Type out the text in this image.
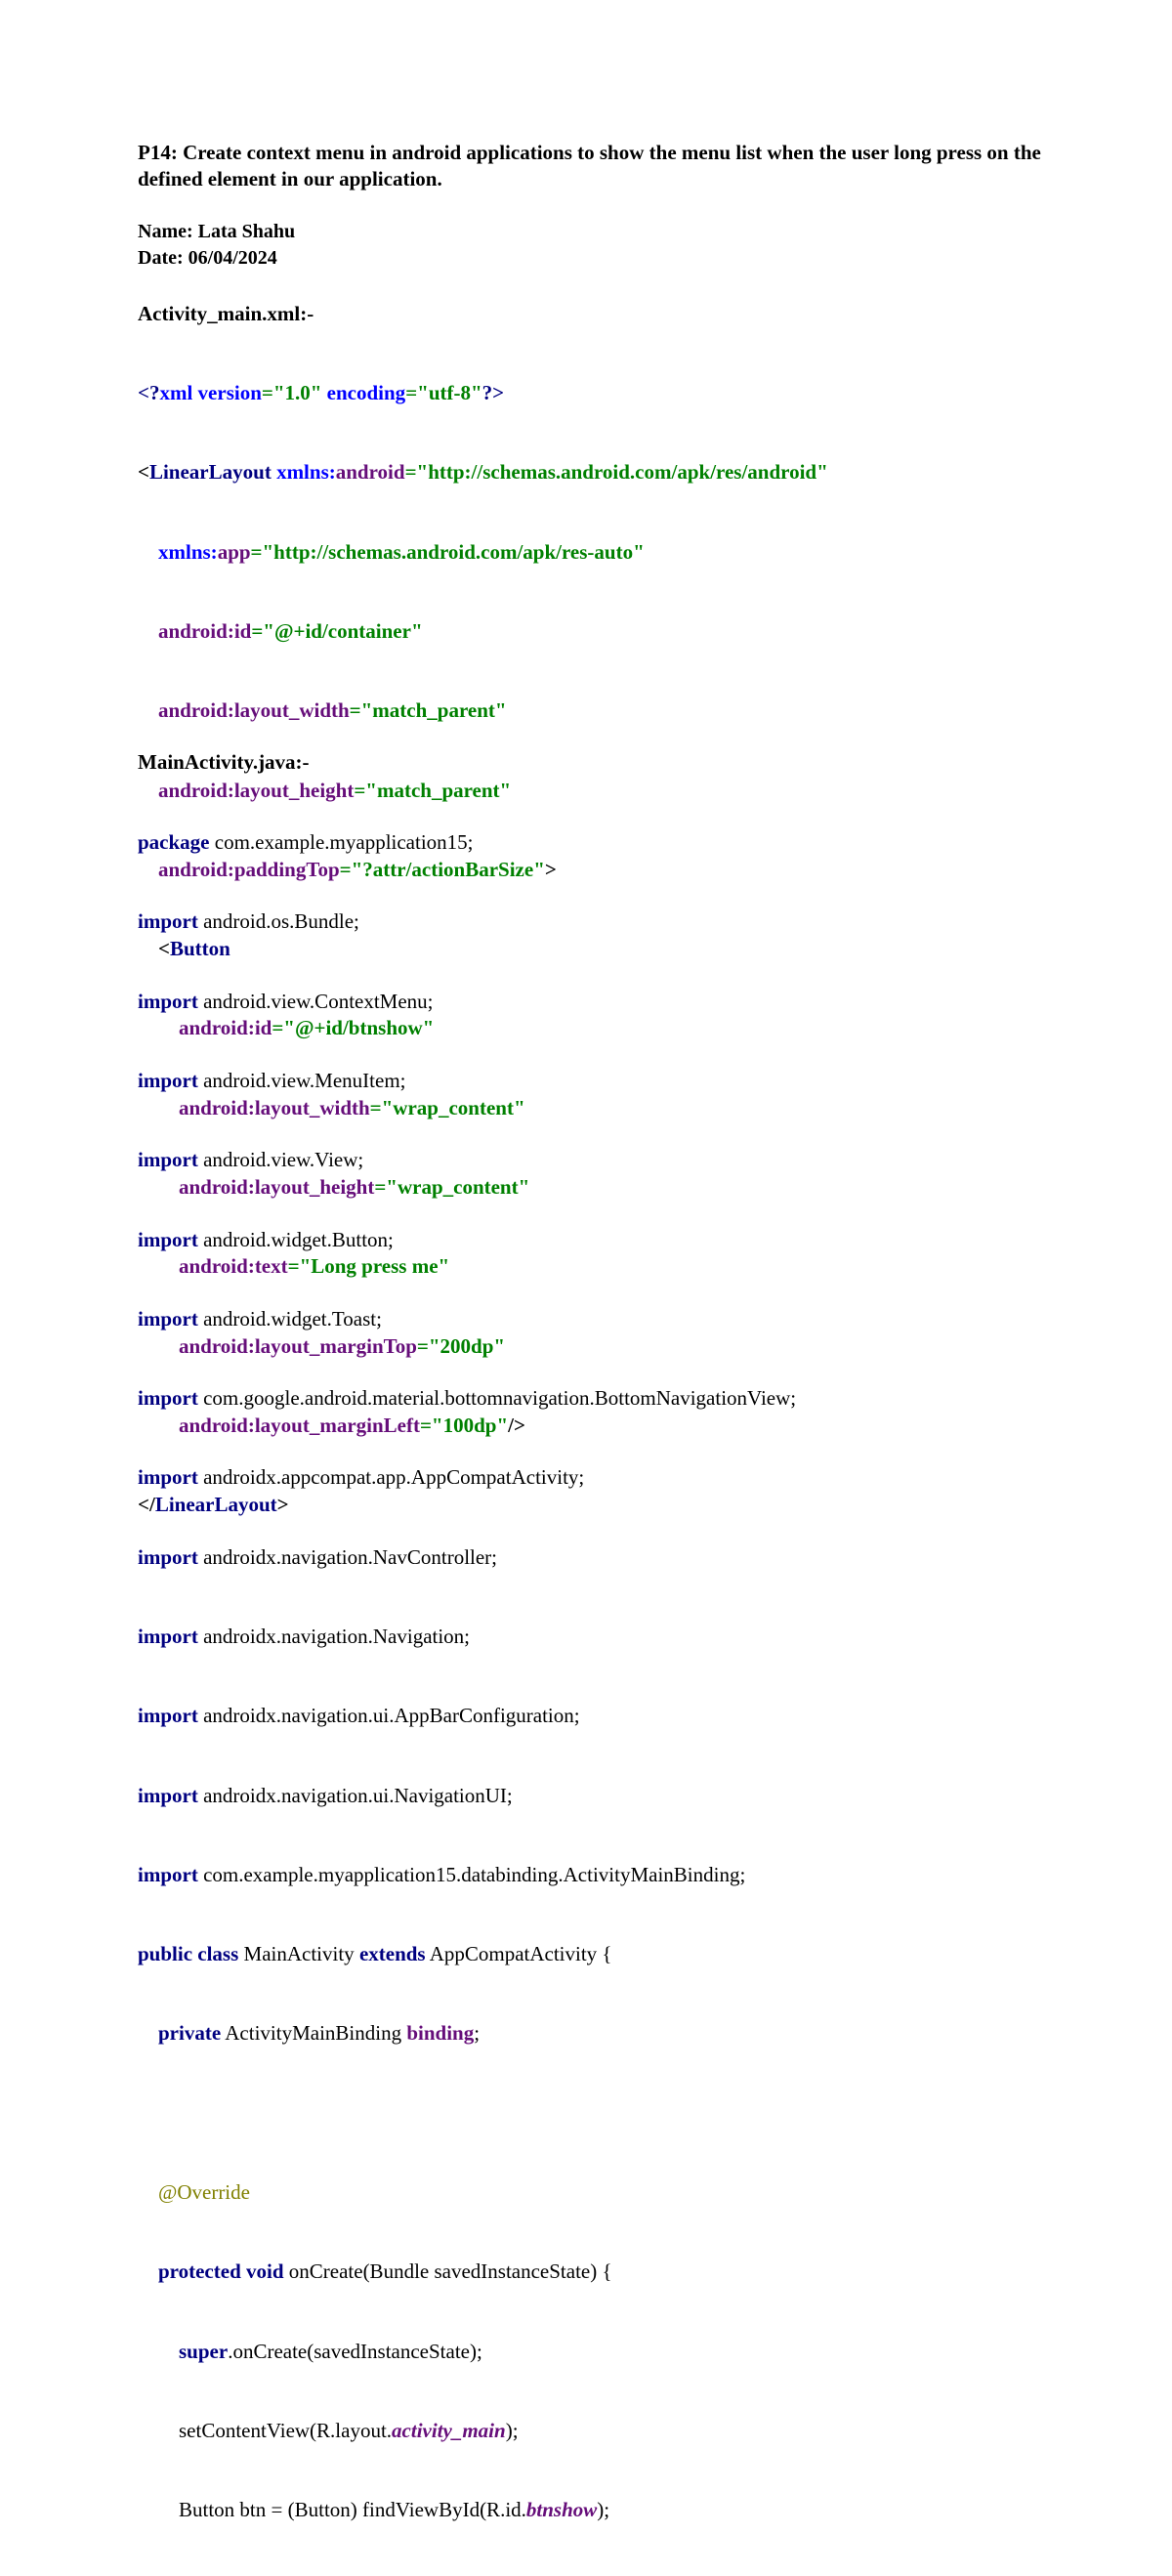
P14: Create context menu in android applications to show the menu list when the user long press on the defined element in our application.
Name: Lata Shahu
Date: 06/04/2024
Activity_main.xml:-

<?xml version="1.0" encoding="utf-8"?>

<LinearLayout xmlns:android="http://schemas.android.com/apk/res/android"

xmlns:app="http://schemas.android.com/apk/res-auto"

android:id="@+id/container"

android:layout_width="match_parent"

android:layout_height="match_parent"

android:paddingTop="?attr/actionBarSize">

<Button

android:id="@+id/btnshow"

android:layout_width="wrap_content"

android:layout_height="wrap_content"

android:text="Long press me"

android:layout_marginTop="200dp"

android:layout_marginLeft="100dp"/>

</LinearLayout>

MainActivity.java:-

package com.example.myapplication15;

import android.os.Bundle;

import android.view.ContextMenu;

import android.view.MenuItem;

import android.view.View;

import android.widget.Button;

import android.widget.Toast;

import com.google.android.material.bottomnavigation.BottomNavigationView;

import androidx.appcompat.app.AppCompatActivity;

import androidx.navigation.NavController;

import androidx.navigation.Navigation;

import androidx.navigation.ui.AppBarConfiguration;

import androidx.navigation.ui.NavigationUI;

import com.example.myapplication15.databinding.ActivityMainBinding;

public class MainActivity extends AppCompatActivity {

private ActivityMainBinding binding;

@Override

protected void onCreate(Bundle savedInstanceState) {

super.onCreate(savedInstanceState);

setContentView(R.layout.activity_main);

Button btn = (Button) findViewById(R.id.btnshow);
